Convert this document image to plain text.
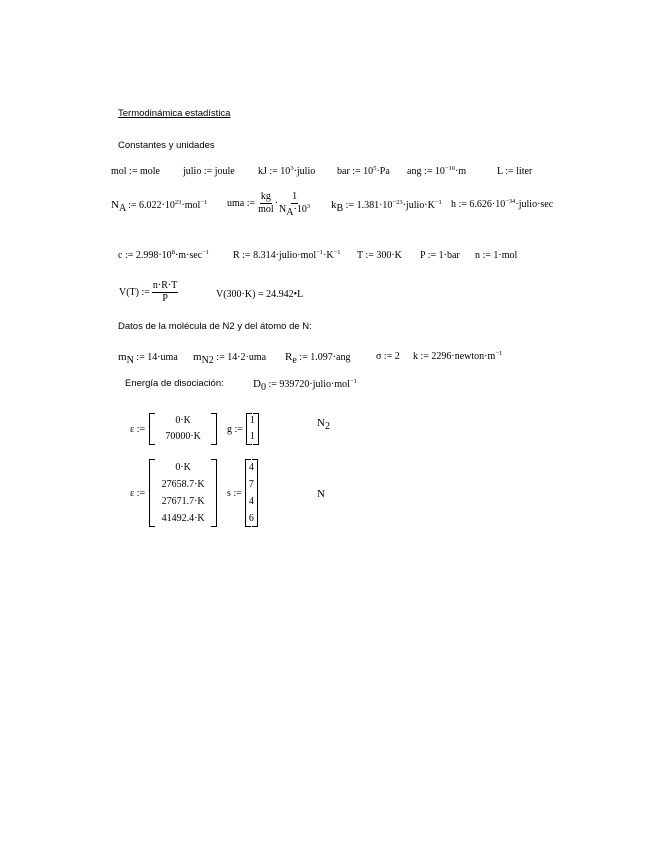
Termodinámica estadística
Constantes y unidades
mol := mole julio := joule kJ := $10^3\cdot julio$ bar := $10^5\cdot Pa$ ang := $10^{-10}\cdot m$	L := liter
NA := $6.022\cdot 10^{23}\cdot mol^{-1}$ uma := $\frac{kg}{\text{mol}} \cdot \frac{1}{NA\cdot 10^3}$ kB := $1.381\cdot 10^{-23}\cdot julio\cdot K^{-1}$ h := $6.626\cdot 10^{-34}\cdot julio\cdot\sec$
c := $2.998\cdot 10^8\cdot m\cdot\sec^{-1}$ R := $8.314\cdot julio\cdot mol^{-1}\cdot K^{-1}$ T := 300·K P := 1·bar n := 1·mol
V(T) := $\frac{n\cdot R\cdot T}{P}$	V(300·K) = 24.942•L
Datos de la molécula de N2 y del átomo de N:
mN := 14·uma mN2 := 14·2·uma Re := 1.097·ang	σ := 2 k := $2296\cdot newton\cdot m^{-1}$
Energía de disociación:	D0 := 939720·julio·mol$^{-1}$
ε :=
0·K
70000·K
g :=
1
1
N2
ε :=
0·K
27658.7·K
27671.7·K
41492.4·K
s :=
4
7
4
6
N
